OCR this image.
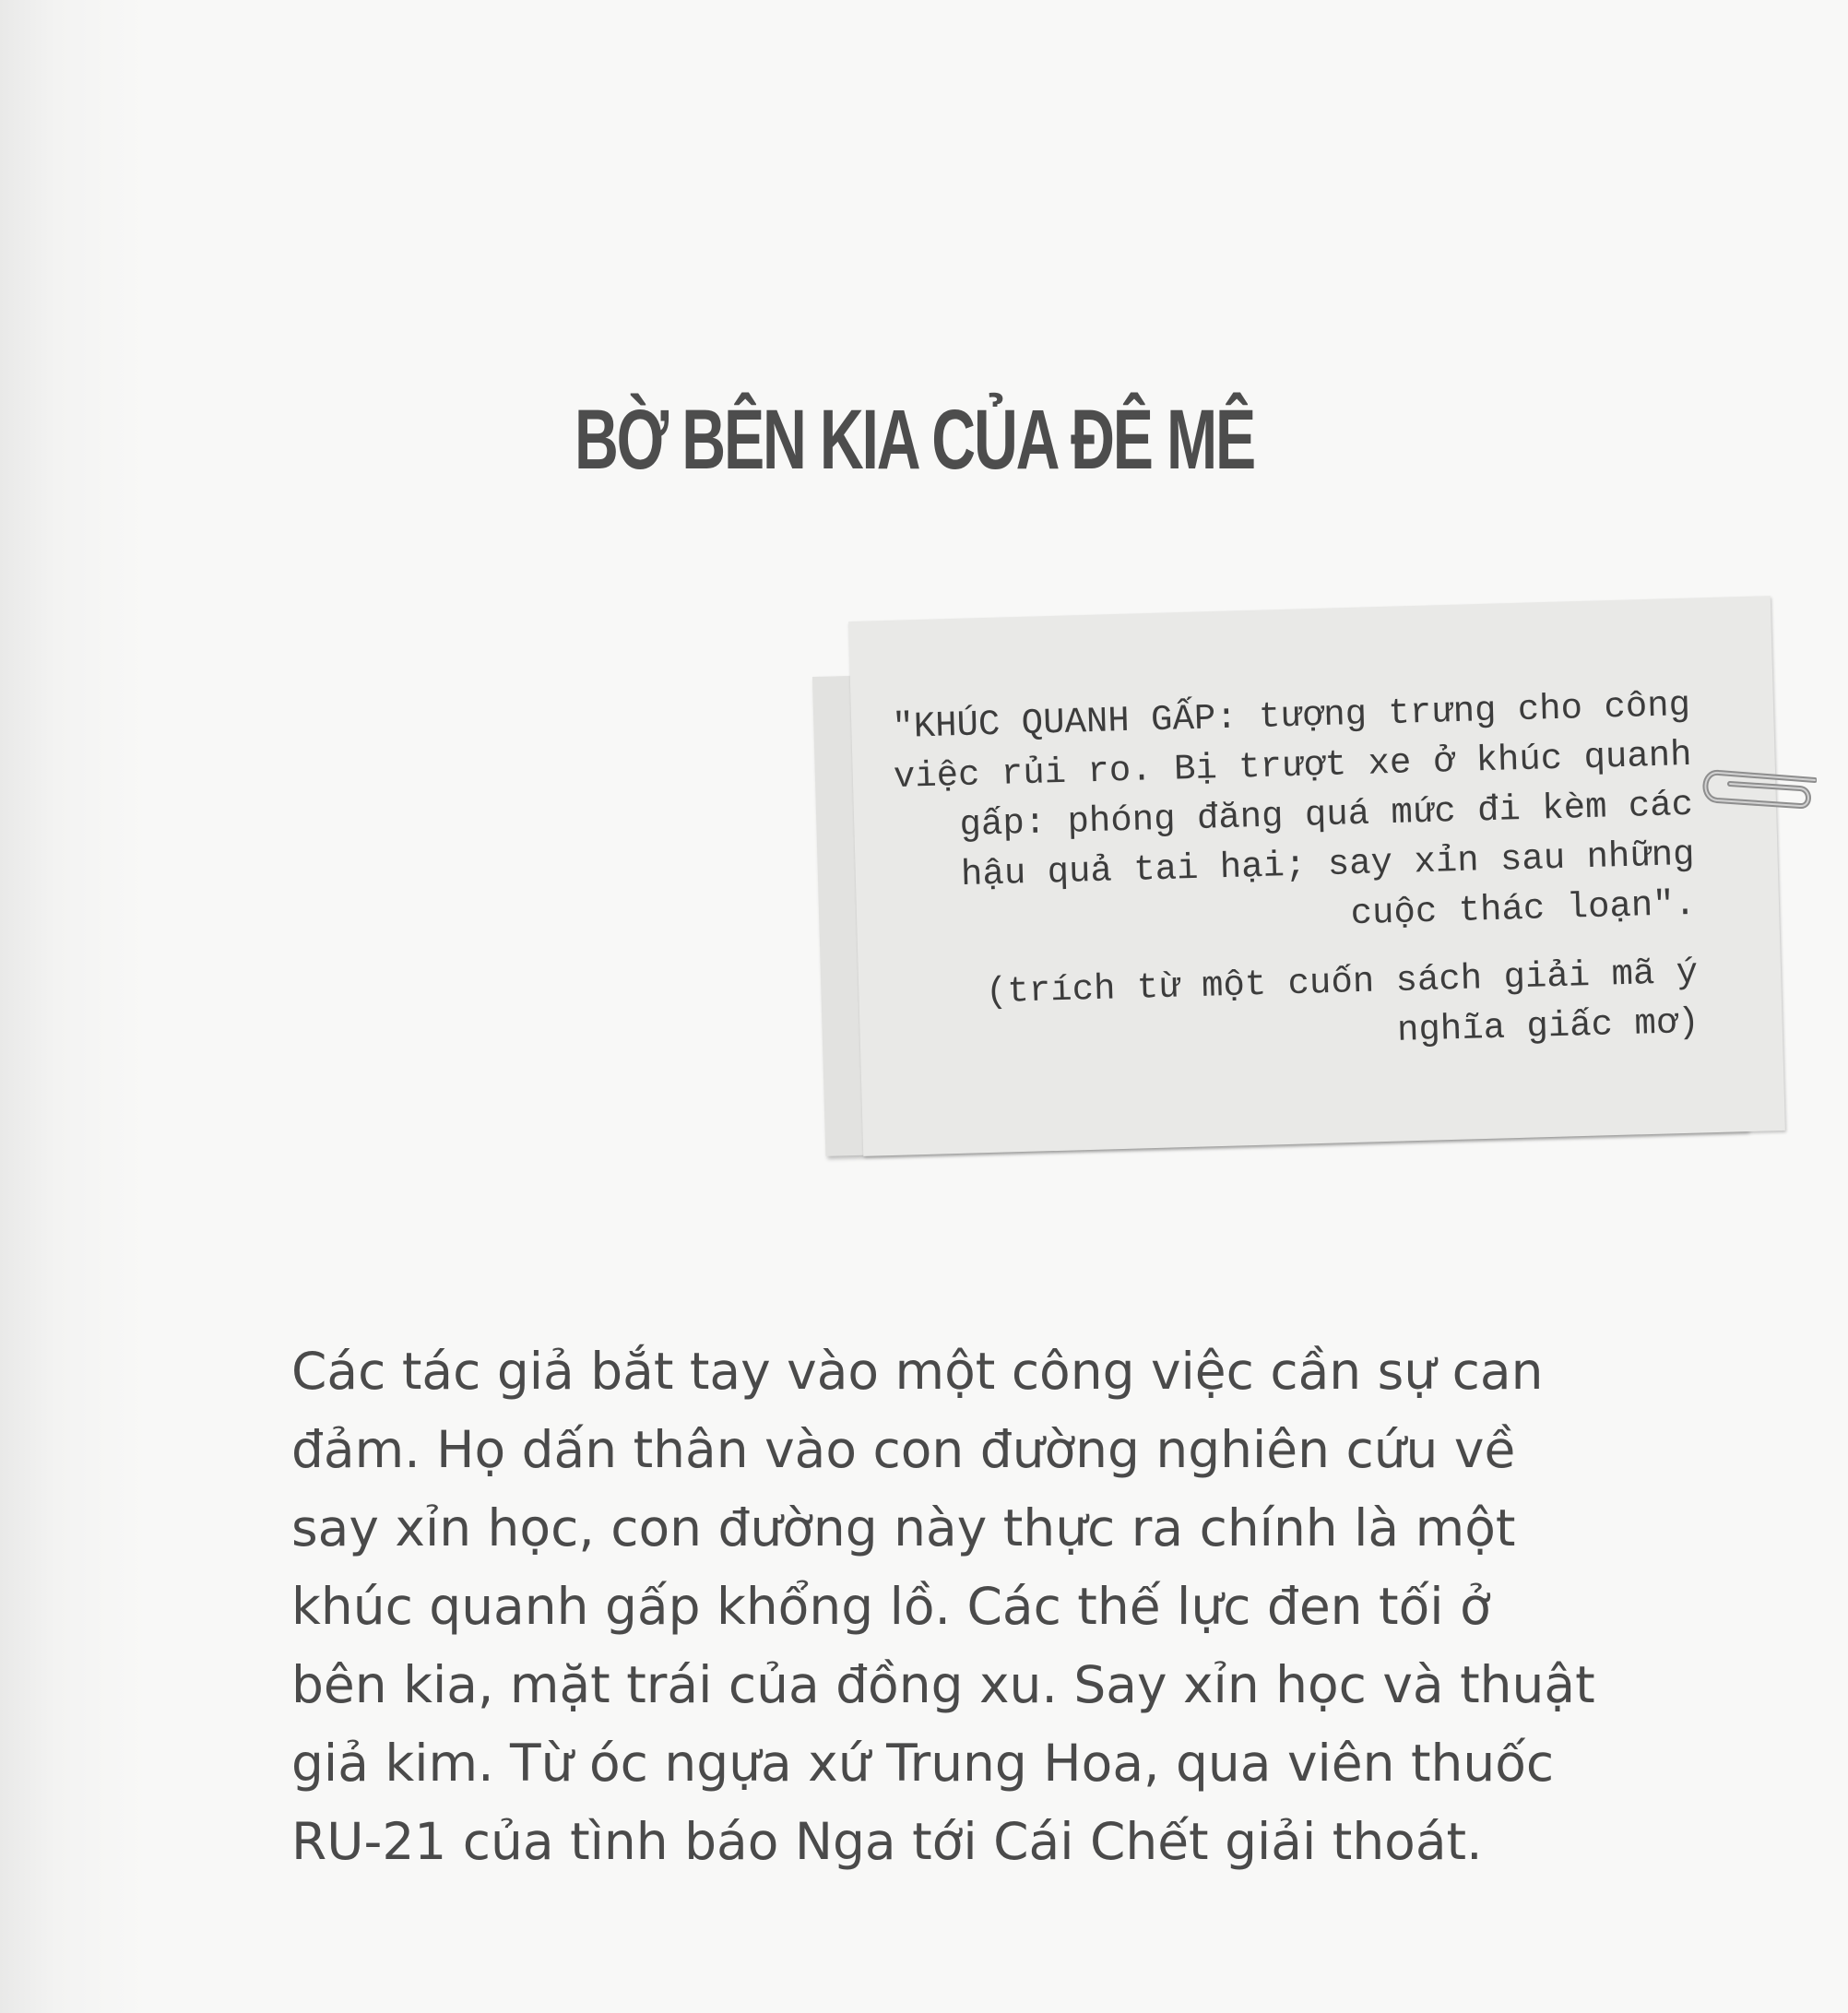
BỜ BÊN KIA CỦA ĐÊ MÊ

"KHÚC QUANH GẤP: tượng trưng cho công
việc rủi ro. Bị trượt xe ở khúc quanh
gấp: phóng đăng quá mức đi kèm các
hậu quả tai hại; say xỉn sau những
cuộc thác loạn".

(trích từ một cuốn sách giải mã ý
nghĩa giấc mơ)

Các tác giả bắt tay vào một công việc cần sự can
đảm. Họ dấn thân vào con đường nghiên cứu về
say xỉn học, con đường này thực ra chính là một
khúc quanh gấp khổng lồ. Các thế lực đen tối ở
bên kia, mặt trái của đồng xu. Say xỉn học và thuật
giả kim. Từ óc ngựa xứ Trung Hoa, qua viên thuốc
RU-21 của tình báo Nga tới Cái Chết giải thoát.
